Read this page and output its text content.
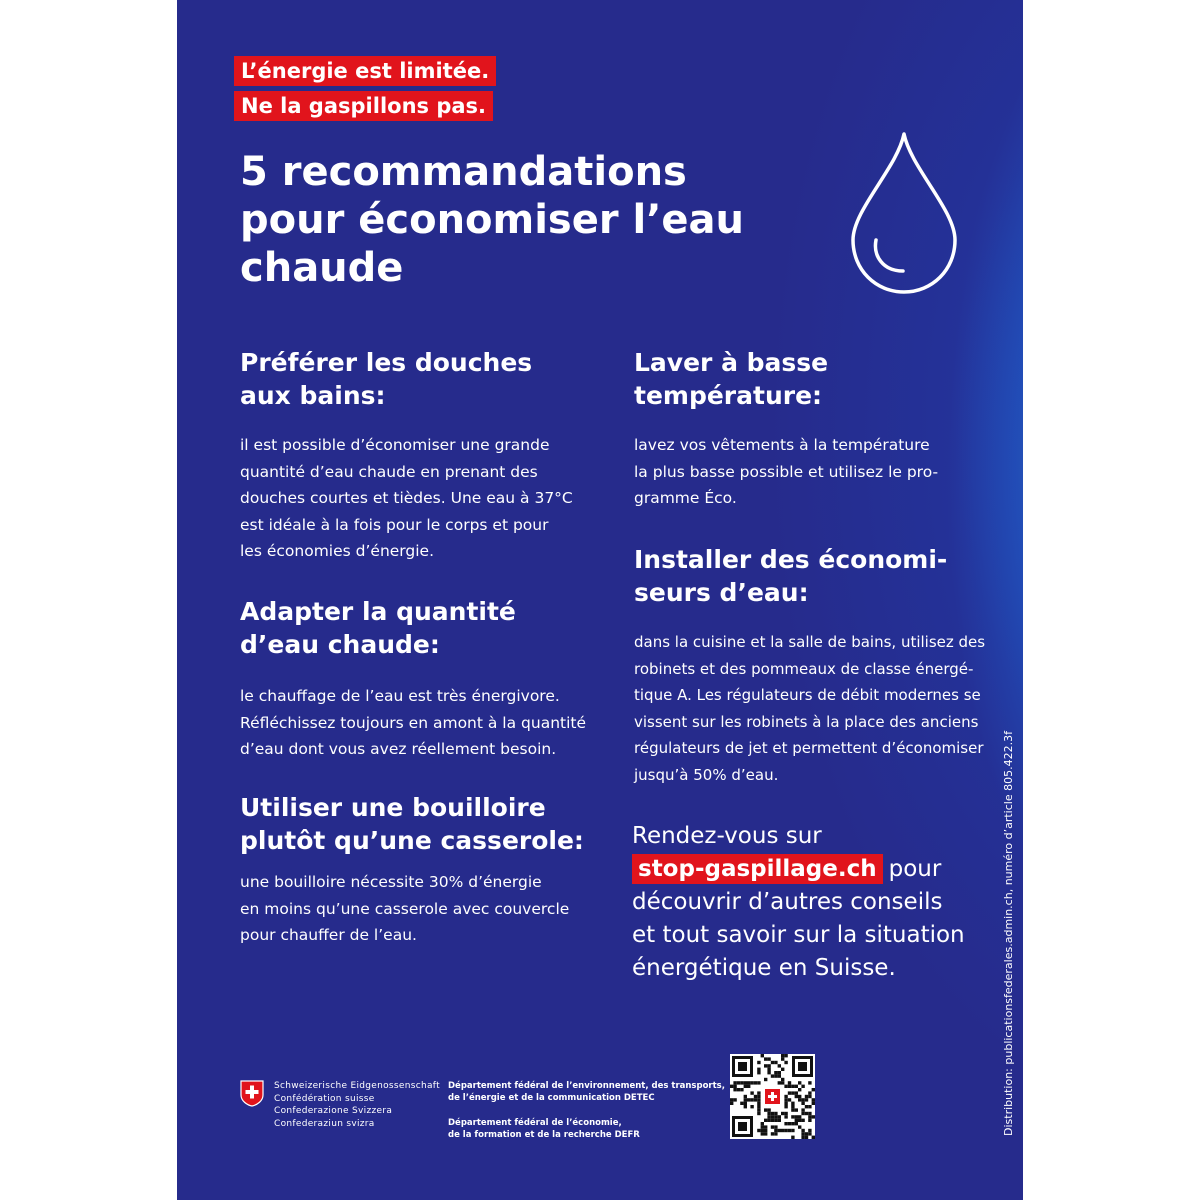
L’énergie est limitée.
Ne la gaspillons pas.
5 recommandations
pour économiser l’eau
chaude
Préférer les douches
aux bains:

il est possible d’économiser une grande
quantité d’eau chaude en prenant des
douches courtes et tièdes. Une eau à 37°C
est idéale à la fois pour le corps et pour
les économies d’énergie.

Adapter la quantité
d’eau chaude:

le chauffage de l’eau est très énergivore.
Réfléchissez toujours en amont à la quantité
d’eau dont vous avez réellement besoin.

Utiliser une bouilloire
plutôt qu’une casserole:

une bouilloire nécessite 30% d’énergie
en moins qu’une casserole avec couvercle
pour chauffer de l’eau.

Laver à basse
température:

lavez vos vêtements à la température
la plus basse possible et utilisez le pro-
gramme Éco.

Installer des économi-
seurs d’eau:

dans la cuisine et la salle de bains, utilisez des
robinets et des pommeaux de classe énergé-
tique A. Les régulateurs de débit modernes se
vissent sur les robinets à la place des anciens
régulateurs de jet et permettent d’économiser
jusqu’à 50% d’eau.

Rendez-vous sur
stop-gaspillage.ch pour
découvrir d’autres conseils
et tout savoir sur la situation
énergétique en Suisse.
Schweizerische Eidgenossenschaft
Confédération suisse
Confederazione Svizzera
Confederaziun svizra
Département fédéral de l’environnement, des transports,
de l’énergie et de la communication DETEC
Département fédéral de l’économie,
de la formation et de la recherche DEFR	Distribution: publicationsfederales.admin.ch, numéro d’article 805.422.3f
